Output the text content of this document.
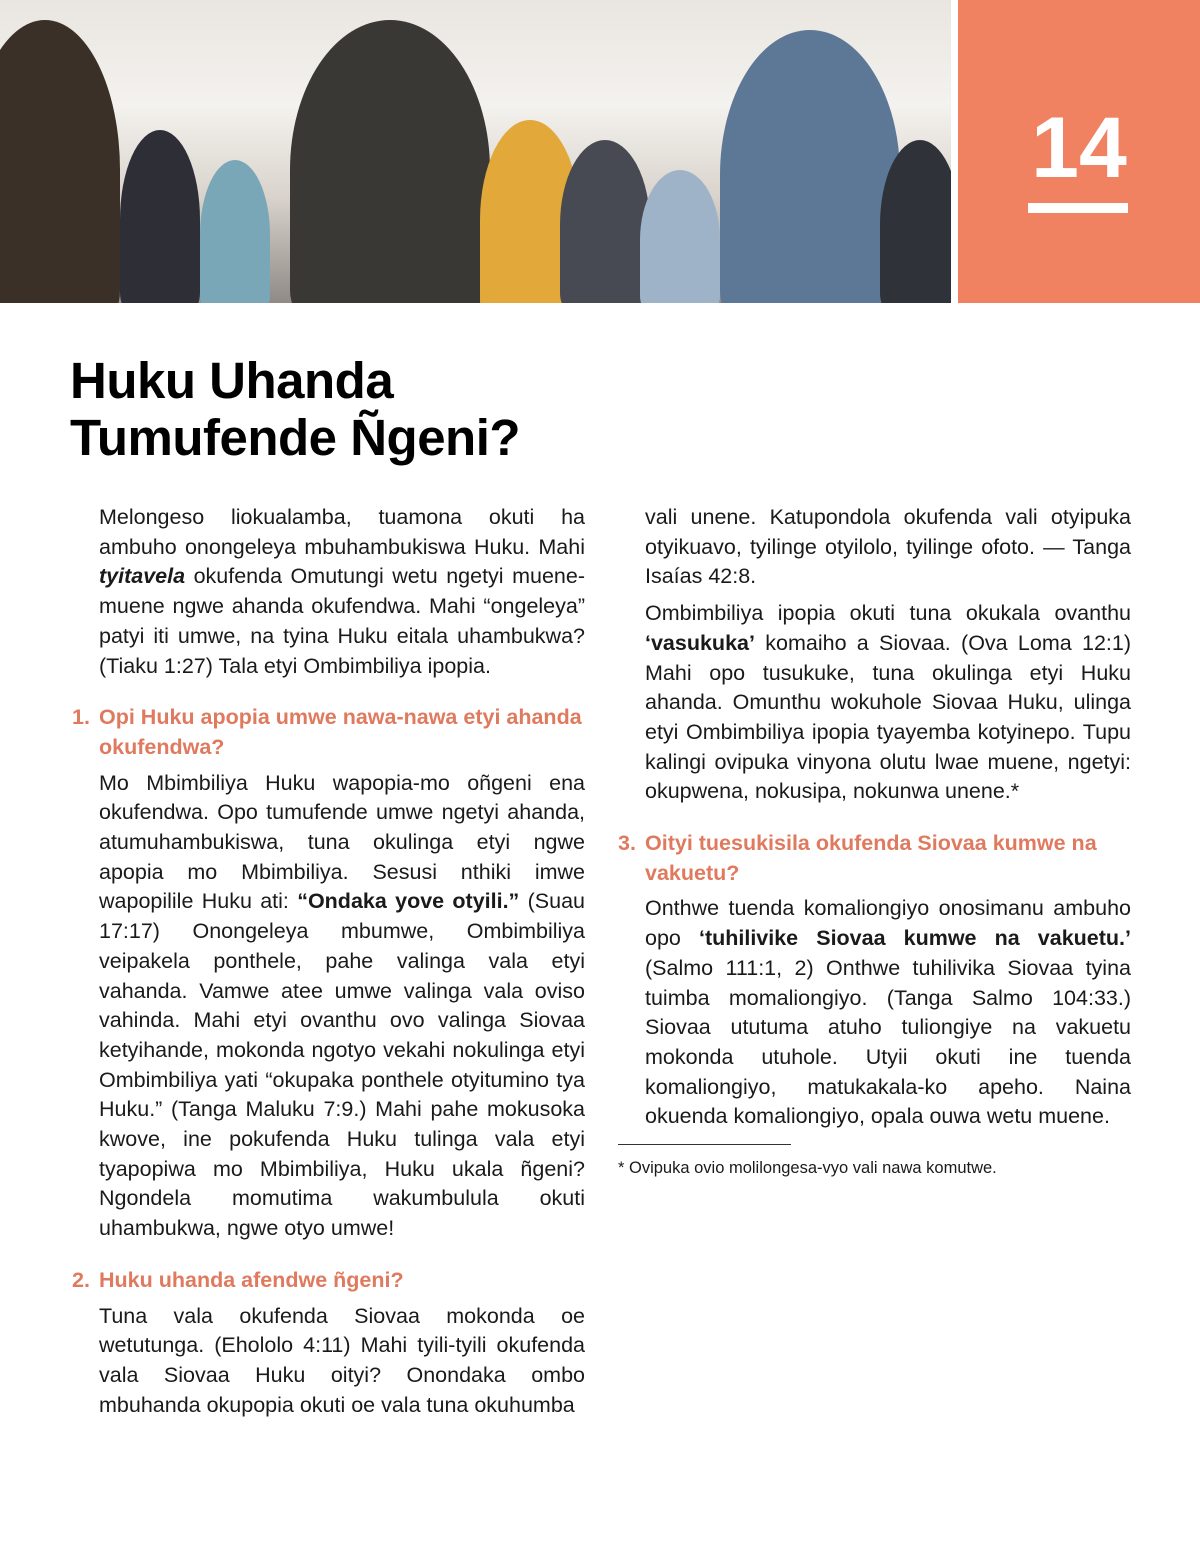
14
Huku Uhanda
Tumufende Ñgeni?

Melongeso liokualamba, tuamona okuti ha ambuho onongeleya mbuhambukiswa Huku. Mahi tyitavela okufenda Omutungi wetu ngetyi muene-muene ngwe ahanda okufendwa. Mahi “ongeleya” patyi iti umwe, na tyina Huku eitala uhambukwa? (Tiaku 1:27) Tala etyi Ombimbiliya ipopia.

1. Opi Huku apopia umwe nawa-nawa etyi ahanda okufendwa?

Mo Mbimbiliya Huku wapopia-mo oñgeni ena okufendwa. Opo tumufende umwe ngetyi ahanda, atumuhambukiswa, tuna okulinga etyi ngwe apopia mo Mbimbiliya. Sesusi nthiki imwe wapopilile Huku ati: “Ondaka yove otyili.” (Suau 17:17) Onongeleya mbumwe, Ombimbiliya veipakela ponthele, pahe valinga vala etyi vahanda. Vamwe atee umwe valinga vala oviso vahinda. Mahi etyi ovanthu ovo valinga Siovaa ketyihande, mokonda ngotyo vekahi nokulinga etyi Ombimbiliya yati “okupaka ponthele otyitumino tya Huku.” (Tanga Maluku 7:9.) Mahi pahe mokusoka kwove, ine pokufenda Huku tulinga vala etyi tyapopiwa mo Mbimbiliya, Huku ukala ñgeni? Ngondela momutima wakumbulula okuti uhambukwa, ngwe otyo umwe!

2. Huku uhanda afendwe ñgeni?

Tuna vala okufenda Siovaa mokonda oe wetutunga. (Ehololo 4:11) Mahi tyili-tyili okufenda vala Siovaa Huku oityi? Onondaka ombo mbuhanda okupopia okuti oe vala tuna okuhumba

vali unene. Katupondola okufenda vali otyipuka otyikuavo, tyilinge otyilolo, tyilinge ofoto. — Tanga Isaías 42:8.

Ombimbiliya ipopia okuti tuna okukala ovanthu ‘vasukuka’ komaiho a Siovaa. (Ova Loma 12:1) Mahi opo tusukuke, tuna okulinga etyi Huku ahanda. Omunthu wokuhole Siovaa Huku, ulinga etyi Ombimbiliya ipopia tyayemba kotyinepo. Tupu kalingi ovipuka vinyona olutu lwae muene, ngetyi: okupwena, nokusipa, nokunwa unene.*

3. Oityi tuesukisila okufenda Siovaa kumwe na vakuetu?

Onthwe tuenda komaliongiyo onosimanu ambuho opo ‘tuhilivike Siovaa kumwe na vakuetu.’ (Salmo 111:1, 2) Onthwe tuhilivika Siovaa tyina tuimba momaliongiyo. (Tanga Salmo 104:33.) Siovaa ututuma atuho tuliongiye na vakuetu mokonda utuhole. Utyii okuti ine tuenda komaliongiyo, matukakala-ko apeho. Naina okuenda komaliongiyo, opala ouwa wetu muene.

* Ovipuka ovio molilongesa-vyo vali nawa komutwe.
